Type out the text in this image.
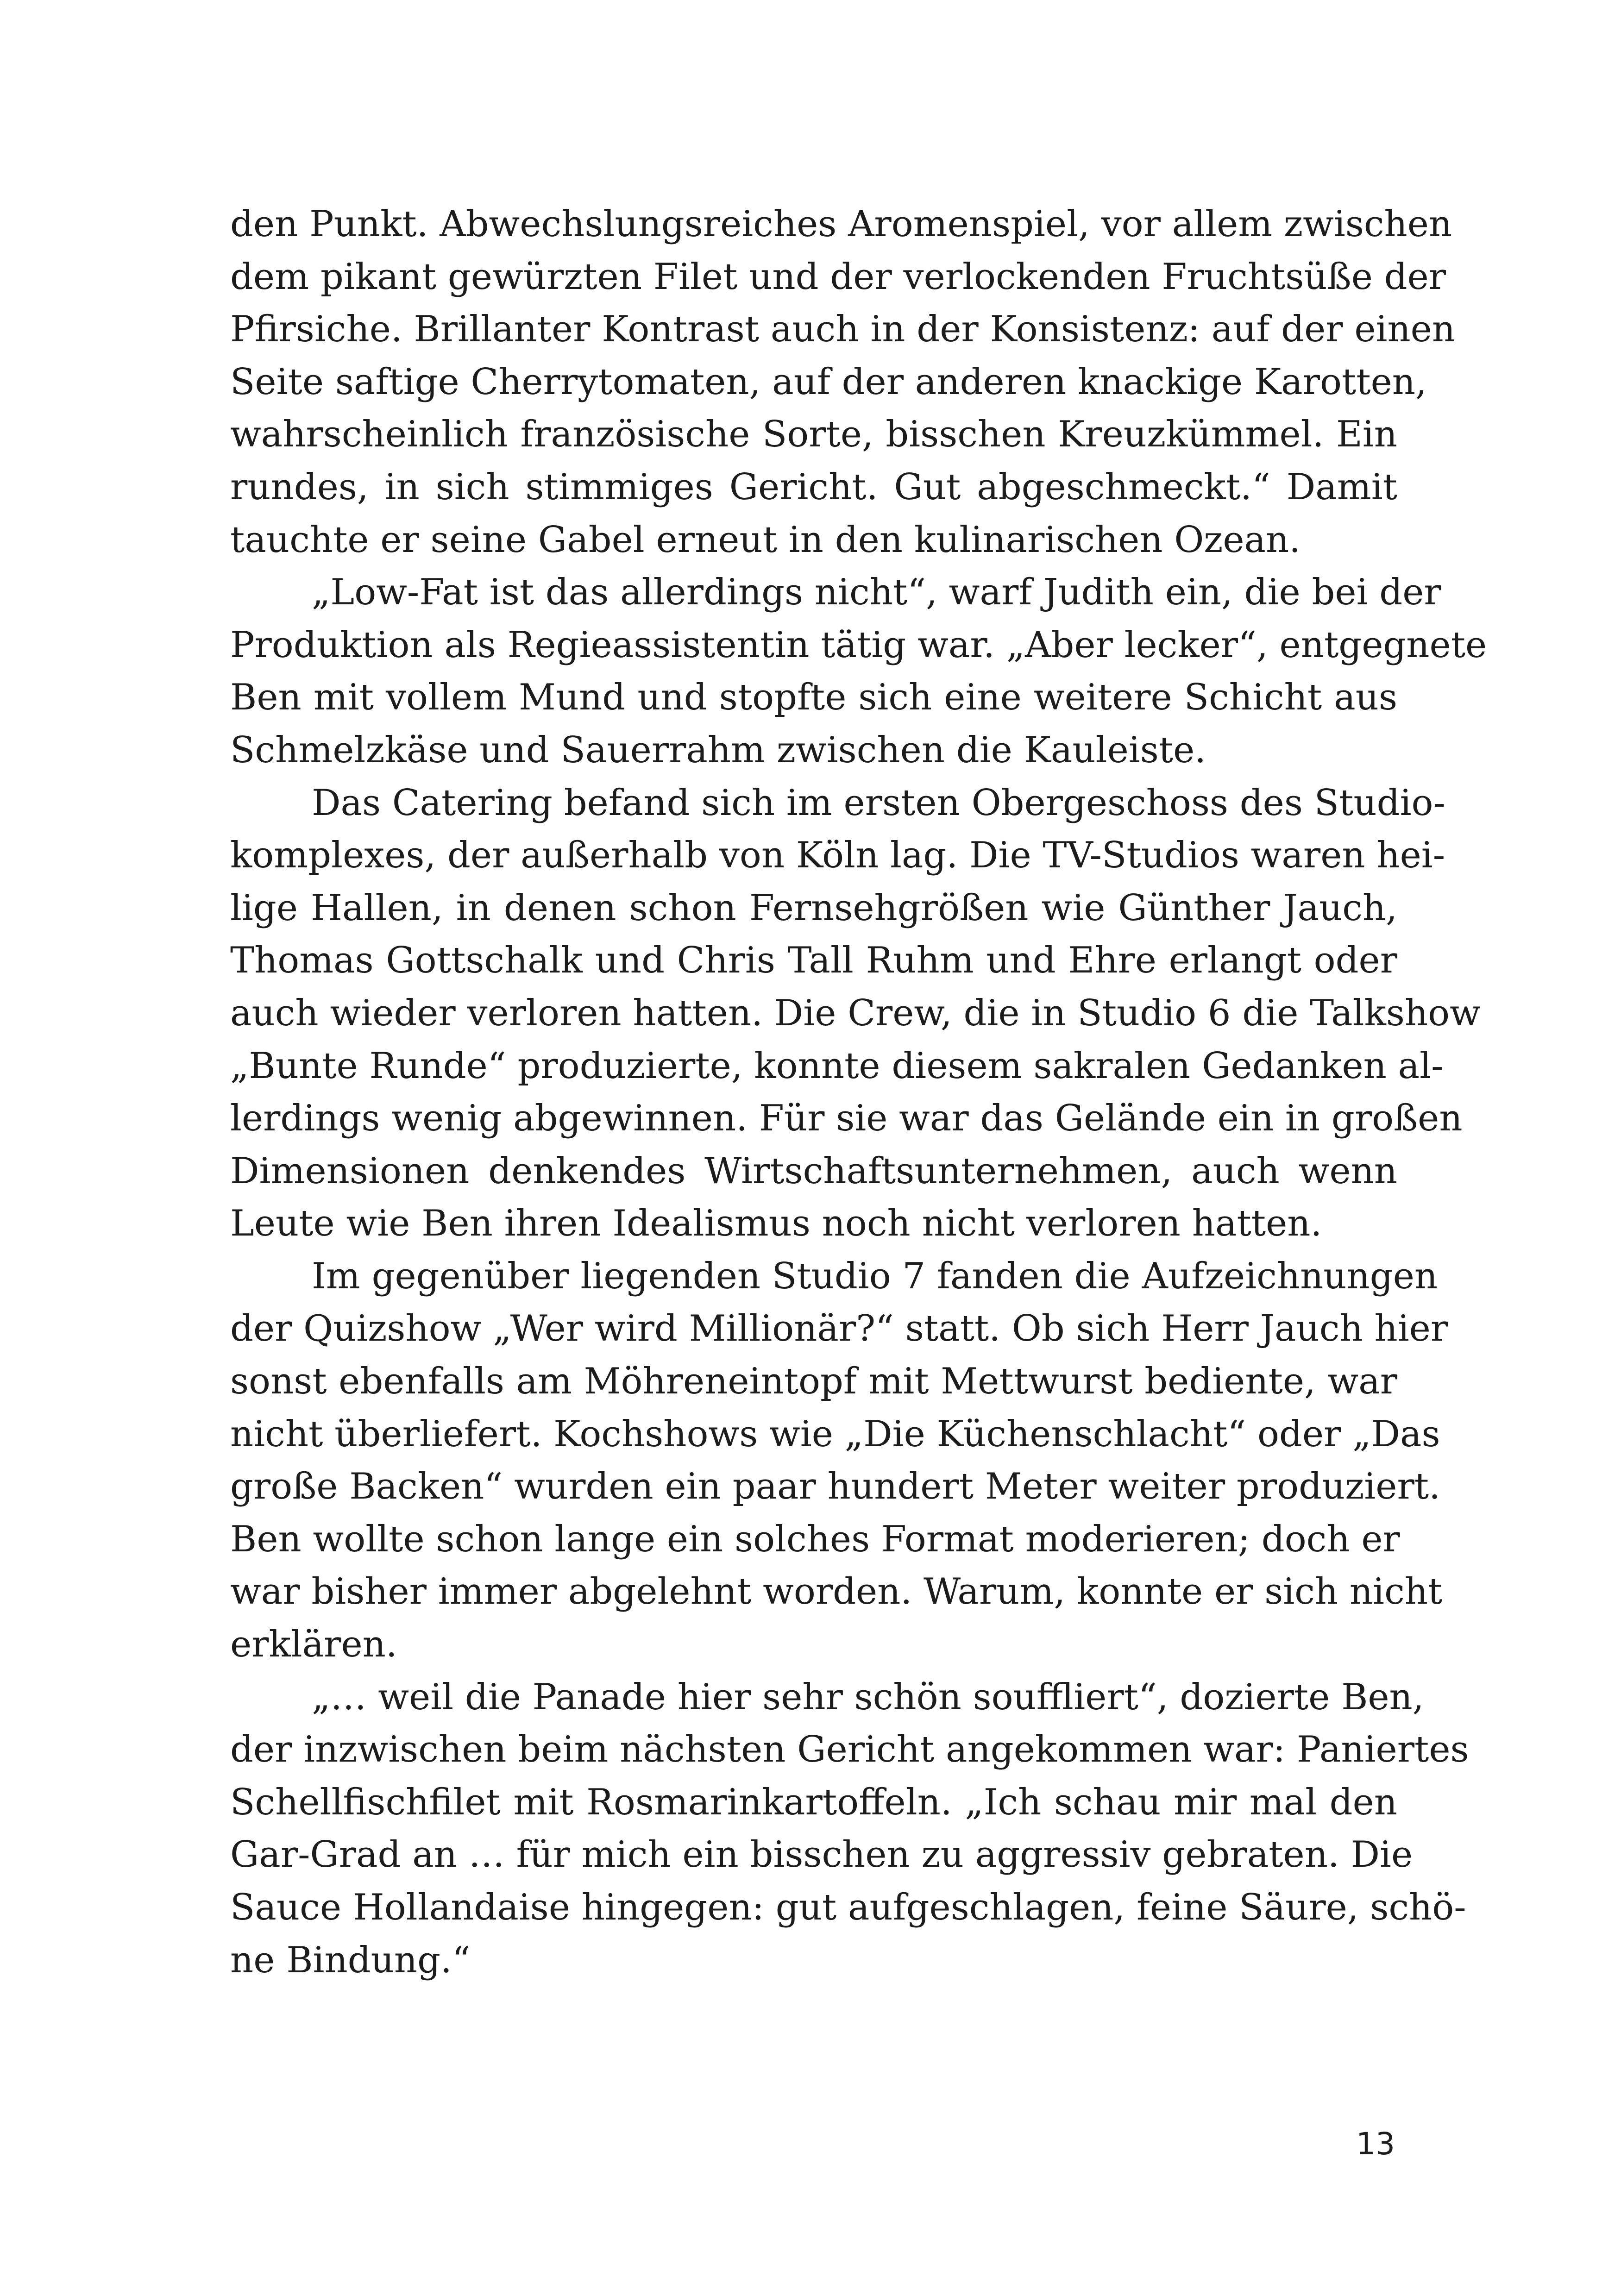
den Punkt. Abwechslungsreiches Aromenspiel, vor allem zwischen
dem pikant gewürzten Filet und der verlockenden Fruchtsüße der
Pfirsiche. Brillanter Kontrast auch in der Konsistenz: auf der einen
Seite saftige Cherrytomaten, auf der anderen knackige Karotten,
wahrscheinlich französische Sorte, bisschen Kreuzkümmel. Ein
rundes, in sich stimmiges Gericht. Gut abgeschmeckt.“ Damit
tauchte er seine Gabel erneut in den kulinarischen Ozean.

„Low-Fat ist das allerdings nicht“, warf Judith ein, die bei der
Produktion als Regieassistentin tätig war. „Aber lecker“, entgegnete
Ben mit vollem Mund und stopfte sich eine weitere Schicht aus
Schmelzkäse und Sauerrahm zwischen die Kauleiste.

Das Catering befand sich im ersten Obergeschoss des Studio-
komplexes, der außerhalb von Köln lag. Die TV-Studios waren hei-
lige Hallen, in denen schon Fernsehgrößen wie Günther Jauch,
Thomas Gottschalk und Chris Tall Ruhm und Ehre erlangt oder
auch wieder verloren hatten. Die Crew, die in Studio 6 die Talkshow
„Bunte Runde“ produzierte, konnte diesem sakralen Gedanken al-
lerdings wenig abgewinnen. Für sie war das Gelände ein in großen
Dimensionen denkendes Wirtschaftsunternehmen, auch wenn
Leute wie Ben ihren Idealismus noch nicht verloren hatten.

Im gegenüber liegenden Studio 7 fanden die Aufzeichnungen
der Quizshow „Wer wird Millionär?“ statt. Ob sich Herr Jauch hier
sonst ebenfalls am Möhreneintopf mit Mettwurst bediente, war
nicht überliefert. Kochshows wie „Die Küchenschlacht“ oder „Das
große Backen“ wurden ein paar hundert Meter weiter produziert.
Ben wollte schon lange ein solches Format moderieren; doch er
war bisher immer abgelehnt worden. Warum, konnte er sich nicht
erklären.

„… weil die Panade hier sehr schön souffliert“, dozierte Ben,
der inzwischen beim nächsten Gericht angekommen war: Paniertes
Schellfischfilet mit Rosmarinkartoffeln. „Ich schau mir mal den
Gar-Grad an … für mich ein bisschen zu aggressiv gebraten. Die
Sauce Hollandaise hingegen: gut aufgeschlagen, feine Säure, schö-
ne Bindung.“

13
